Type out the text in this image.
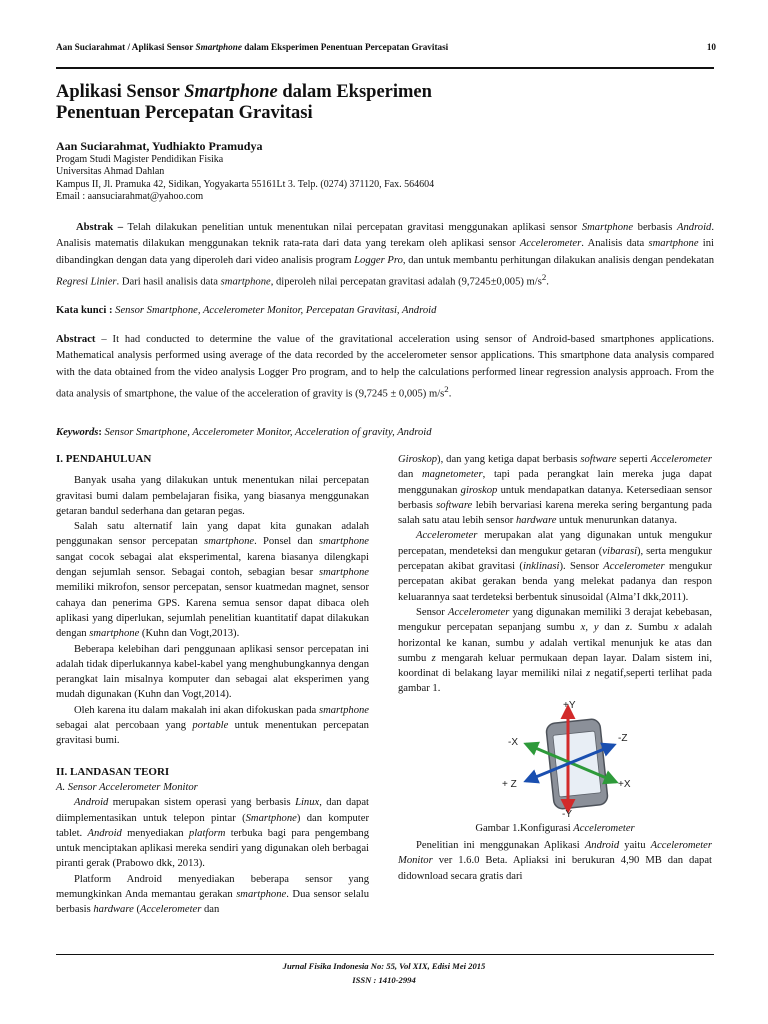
Aan Suciarahmat / Aplikasi Sensor Smartphone dalam Eksperimen Penentuan Percepatan Gravitasi	10
Aplikasi Sensor Smartphone dalam Eksperimen
Penentuan Percepatan Gravitasi
Aan Suciarahmat, Yudhiakto Pramudya
Progam Studi Magister Pendidikan Fisika
Universitas Ahmad Dahlan
Kampus II, Jl. Pramuka 42, Sidikan, Yogyakarta 55161Lt 3. Telp. (0274) 371120, Fax. 564604
Email : aansuciarahmat@yahoo.com
Abstrak – Telah dilakukan penelitian untuk menentukan nilai percepatan gravitasi menggunakan aplikasi sensor Smartphone berbasis Android. Analisis matematis dilakukan menggunakan teknik rata-rata dari data yang terekam oleh aplikasi sensor Accelerometer. Analisis data smartphone ini dibandingkan dengan data yang diperoleh dari video analisis program Logger Pro, dan untuk membantu perhitungan dilakukan analisis dengan pendekatan Regresi Linier. Dari hasil analisis data smartphone, diperoleh nilai percepatan gravitasi adalah (9,7245±0,005) $m/s^2$.
Kata kunci : Sensor Smartphone, Accelerometer Monitor, Percepatan Gravitasi, Android
Abstract – It had conducted to determine the value of the gravitational acceleration using sensor of Android-based smartphones applications. Mathematical analysis performed using average of the data recorded by the accelerometer sensor applications. This smartphone data analysis compared with the data obtained from the video analysis Logger Pro program, and to help the calculations performed linear regression analysis approach. From the data analysis of smartphone, the value of the acceleration of gravity is (9,7245 ± 0,005) $m/s^2$.
Keywords: Sensor Smartphone, Accelerometer Monitor, Acceleration of gravity, Android
I. PENDAHULUAN

Banyak usaha yang dilakukan untuk menentukan nilai percepatan gravitasi bumi dalam pembelajaran fisika, yang biasanya menggunakan getaran bandul sederhana dan getaran pegas.

Salah satu alternatif lain yang dapat kita gunakan adalah penggunakan sensor percepatan smartphone. Ponsel dan smartphone sangat cocok sebagai alat eksperimental, karena biasanya dilengkapi dengan sejumlah sensor. Sebagai contoh, sebagian besar smartphone memiliki mikrofon, sensor percepatan, sensor kuatmedan magnet, sensor cahaya dan penerima GPS. Karena semua sensor dapat dibaca oleh aplikasi yang diperlukan, sejumlah penelitian kuantitatif dapat dilakukan dengan smartphone (Kuhn dan Vogt,2013).

Beberapa kelebihan dari penggunaan aplikasi sensor percepatan ini adalah tidak diperlukannya kabel-kabel yang menghubungkannya dengan perangkat lain misalnya komputer dan sebagai alat eksperimen yang mudah digunakan (Kuhn dan Vogt,2014).

Oleh karena itu dalam makalah ini akan difokuskan pada smartphone sebagai alat percobaan yang portable untuk menentukan percepatan gravitasi bumi.

II. LANDASAN TEORI
A. Sensor Accelerometer Monitor

Android merupakan sistem operasi yang berbasis Linux, dan dapat diimplementasikan untuk telepon pintar (Smartphone) dan komputer tablet. Android menyediakan platform terbuka bagi para pengembang untuk menciptakan aplikasi mereka sendiri yang digunakan oleh berbagai piranti gerak (Prabowo dkk, 2013).

Platform Android menyediakan beberapa sensor yang memungkinkan Anda memantau gerakan smartphone. Dua sensor selalu berbasis hardware (Accelerometer dan

Giroskop), dan yang ketiga dapat berbasis software seperti Accelerometer dan magnetometer, tapi pada perangkat lain mereka juga dapat menggunakan giroskop untuk mendapatkan datanya. Ketersediaan sensor berbasis software lebih bervariasi karena mereka sering bergantung pada salah satu atau lebih sensor hardware untuk menurunkan datanya.

Accelerometer merupakan alat yang digunakan untuk mengukur percepatan, mendeteksi dan mengukur getaran (vibarasi), serta mengukur percepatan akibat gravitasi (inklinasi). Sensor Accelerometer mengukur percepatan akibat gerakan benda yang melekat padanya dan respon keluarannya saat terdeteksi berbentuk sinusoidal (Alma’I dkk,2011).

Sensor Accelerometer yang digunakan memiliki 3 derajat kebebasan, mengukur percepatan sepanjang sumbu x, y dan z. Sumbu x adalah horizontal ke kanan, sumbu y adalah vertikal menunjuk ke atas dan sumbu z mengarah keluar permukaan depan layar. Dalam sistem ini, koordinat di belakang layar memiliki nilai z negatif,seperti terlihat pada gambar 1.

+Y
-Y
-X
+X
-Z
+ Z
Gambar 1.Konfigurasi Accelerometer

Penelitian ini menggunakan Aplikasi Android yaitu Accelerometer Monitor ver 1.6.0 Beta. Apliaksi ini berukuran 4,90 MB dan dapat didownload secara gratis dari

Jurnal Fisika Indonesia No: 55, Vol XIX, Edisi Mei 2015
ISSN : 1410-2994
